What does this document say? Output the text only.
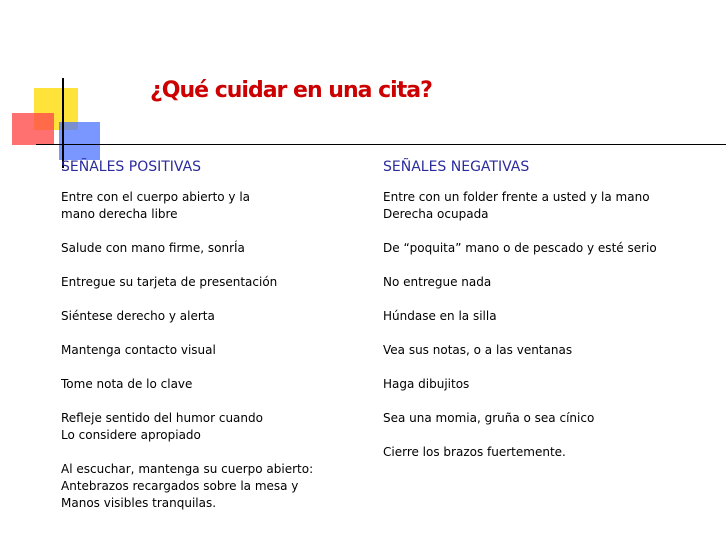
¿Qué cuidar en una cita?
SEÑALES POSITIVAS
Entre con el cuerpo abierto y la
mano derecha libre
Salude con mano firme, sonrÍa
Entregue su tarjeta de presentación
Siéntese derecho y alerta
Mantenga contacto visual
Tome nota de lo clave
Refleje sentido del humor cuando
Lo considere apropiado
Al escuchar, mantenga su cuerpo abierto:
Antebrazos recargados sobre la mesa y
Manos visibles tranquilas.
SEÑALES NEGATIVAS
Entre con un folder frente a usted y la mano
Derecha ocupada
De “poquita” mano o de pescado y esté serio
No entregue nada
Húndase en la silla
Vea sus notas, o a las ventanas
Haga dibujitos
Sea una momia, gruña o sea cínico
Cierre los brazos fuertemente.
